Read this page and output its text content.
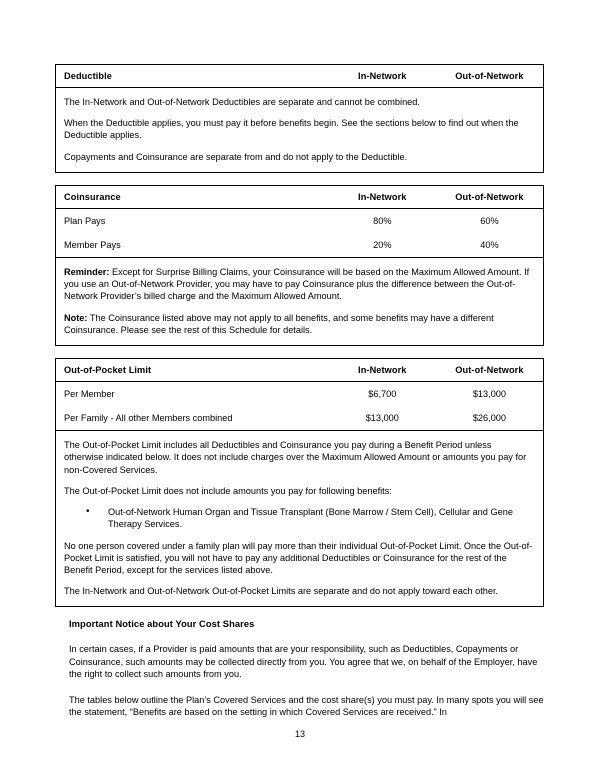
Deductible	In-Network	Out-of-Network

The In-Network and Out-of-Network Deductibles are separate and cannot be combined.

When the Deductible applies, you must pay it before benefits begin. See the sections below to find out when the Deductible applies.

Copayments and Coinsurance are separate from and do not apply to the Deductible.

Coinsurance	In-Network	Out-of-Network
Plan Pays	80%	60%
Member Pays	20%	40%

Reminder: Except for Surprise Billing Claims, your Coinsurance will be based on the Maximum Allowed Amount. If you use an Out-of-Network Provider, you may have to pay Coinsurance plus the difference between the Out-of-Network Provider’s billed charge and the Maximum Allowed Amount.

Note: The Coinsurance listed above may not apply to all benefits, and some benefits may have a different Coinsurance. Please see the rest of this Schedule for details.

Out-of-Pocket Limit	In-Network	Out-of-Network
Per Member	$6,700	$13,000
Per Family - All other Members combined	$13,000	$26,000

The Out-of-Pocket Limit includes all Deductibles and Coinsurance you pay during a Benefit Period unless otherwise indicated below. It does not include charges over the Maximum Allowed Amount or amounts you pay for non-Covered Services.

The Out-of-Pocket Limit does not include amounts you pay for following benefits:

• Out-of-Network Human Organ and Tissue Transplant (Bone Marrow / Stem Cell), Cellular and Gene Therapy Services.

No one person covered under a family plan will pay more than their individual Out-of-Pocket Limit. Once the Out-of-Pocket Limit is satisfied, you will not have to pay any additional Deductibles or Coinsurance for the rest of the Benefit Period, except for the services listed above.

The In-Network and Out-of-Network Out-of-Pocket Limits are separate and do not apply toward each other.

Important Notice about Your Cost Shares

In certain cases, if a Provider is paid amounts that are your responsibility, such as Deductibles, Copayments or Coinsurance, such amounts may be collected directly from you. You agree that we, on behalf of the Employer, have the right to collect such amounts from you.

The tables below outline the Plan’s Covered Services and the cost share(s) you must pay. In many spots you will see the statement, “Benefits are based on the setting in which Covered Services are received.” In

13
